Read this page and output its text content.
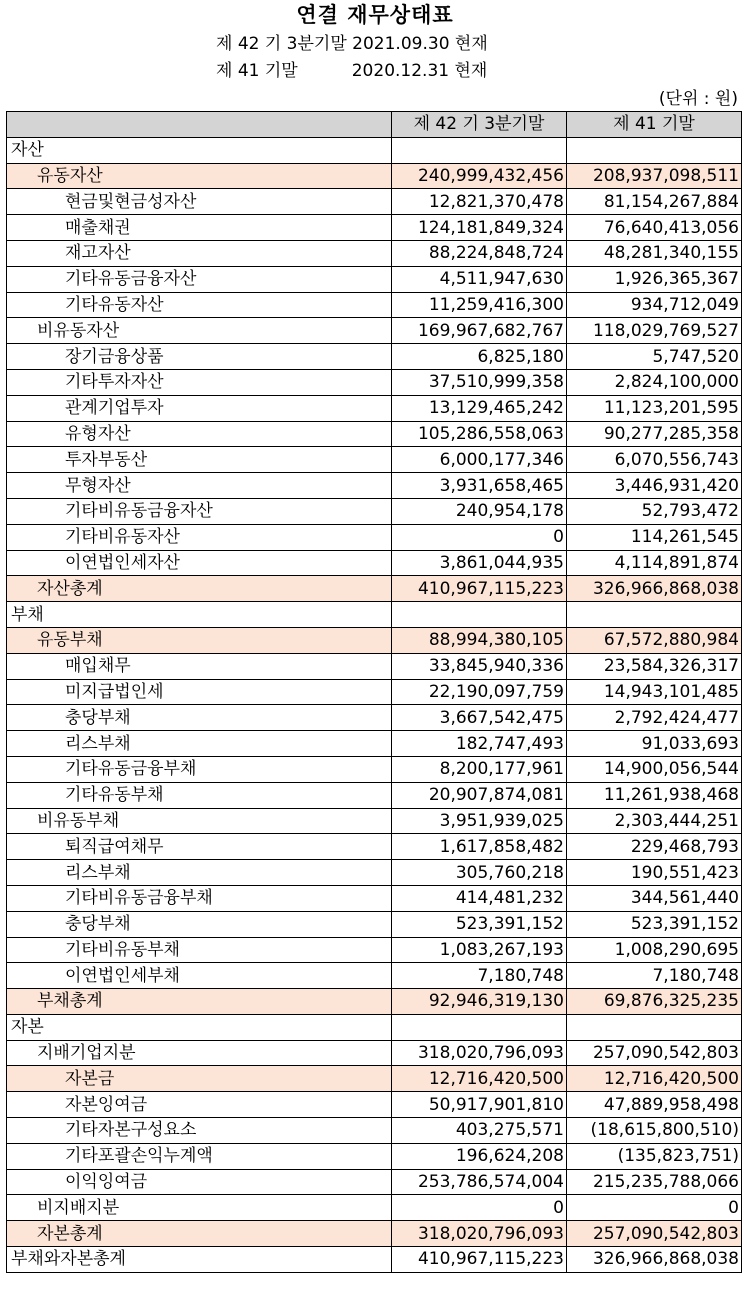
연결 재무상태표
제 42 기 3분기말 2021.09.30 현재
제 41 기말          2020.12.31 현재
(단위 : 원)
	제 42 기 3분기말	제 41 기말
자산		
유동자산	240,999,432,456	208,937,098,511
현금및현금성자산	12,821,370,478	81,154,267,884
매출채권	124,181,849,324	76,640,413,056
재고자산	88,224,848,724	48,281,340,155
기타유동금융자산	4,511,947,630	1,926,365,367
기타유동자산	11,259,416,300	934,712,049
비유동자산	169,967,682,767	118,029,769,527
장기금융상품	6,825,180	5,747,520
기타투자자산	37,510,999,358	2,824,100,000
관계기업투자	13,129,465,242	11,123,201,595
유형자산	105,286,558,063	90,277,285,358
투자부동산	6,000,177,346	6,070,556,743
무형자산	3,931,658,465	3,446,931,420
기타비유동금융자산	240,954,178	52,793,472
기타비유동자산	0	114,261,545
이연법인세자산	3,861,044,935	4,114,891,874
자산총계	410,967,115,223	326,966,868,038
부채		
유동부채	88,994,380,105	67,572,880,984
매입채무	33,845,940,336	23,584,326,317
미지급법인세	22,190,097,759	14,943,101,485
충당부채	3,667,542,475	2,792,424,477
리스부채	182,747,493	91,033,693
기타유동금융부채	8,200,177,961	14,900,056,544
기타유동부채	20,907,874,081	11,261,938,468
비유동부채	3,951,939,025	2,303,444,251
퇴직급여채무	1,617,858,482	229,468,793
리스부채	305,760,218	190,551,423
기타비유동금융부채	414,481,232	344,561,440
충당부채	523,391,152	523,391,152
기타비유동부채	1,083,267,193	1,008,290,695
이연법인세부채	7,180,748	7,180,748
부채총계	92,946,319,130	69,876,325,235
자본		
지배기업지분	318,020,796,093	257,090,542,803
자본금	12,716,420,500	12,716,420,500
자본잉여금	50,917,901,810	47,889,958,498
기타자본구성요소	403,275,571	(18,615,800,510)
기타포괄손익누계액	196,624,208	(135,823,751)
이익잉여금	253,786,574,004	215,235,788,066
비지배지분	0	0
자본총계	318,020,796,093	257,090,542,803
부채와자본총계	410,967,115,223	326,966,868,038
